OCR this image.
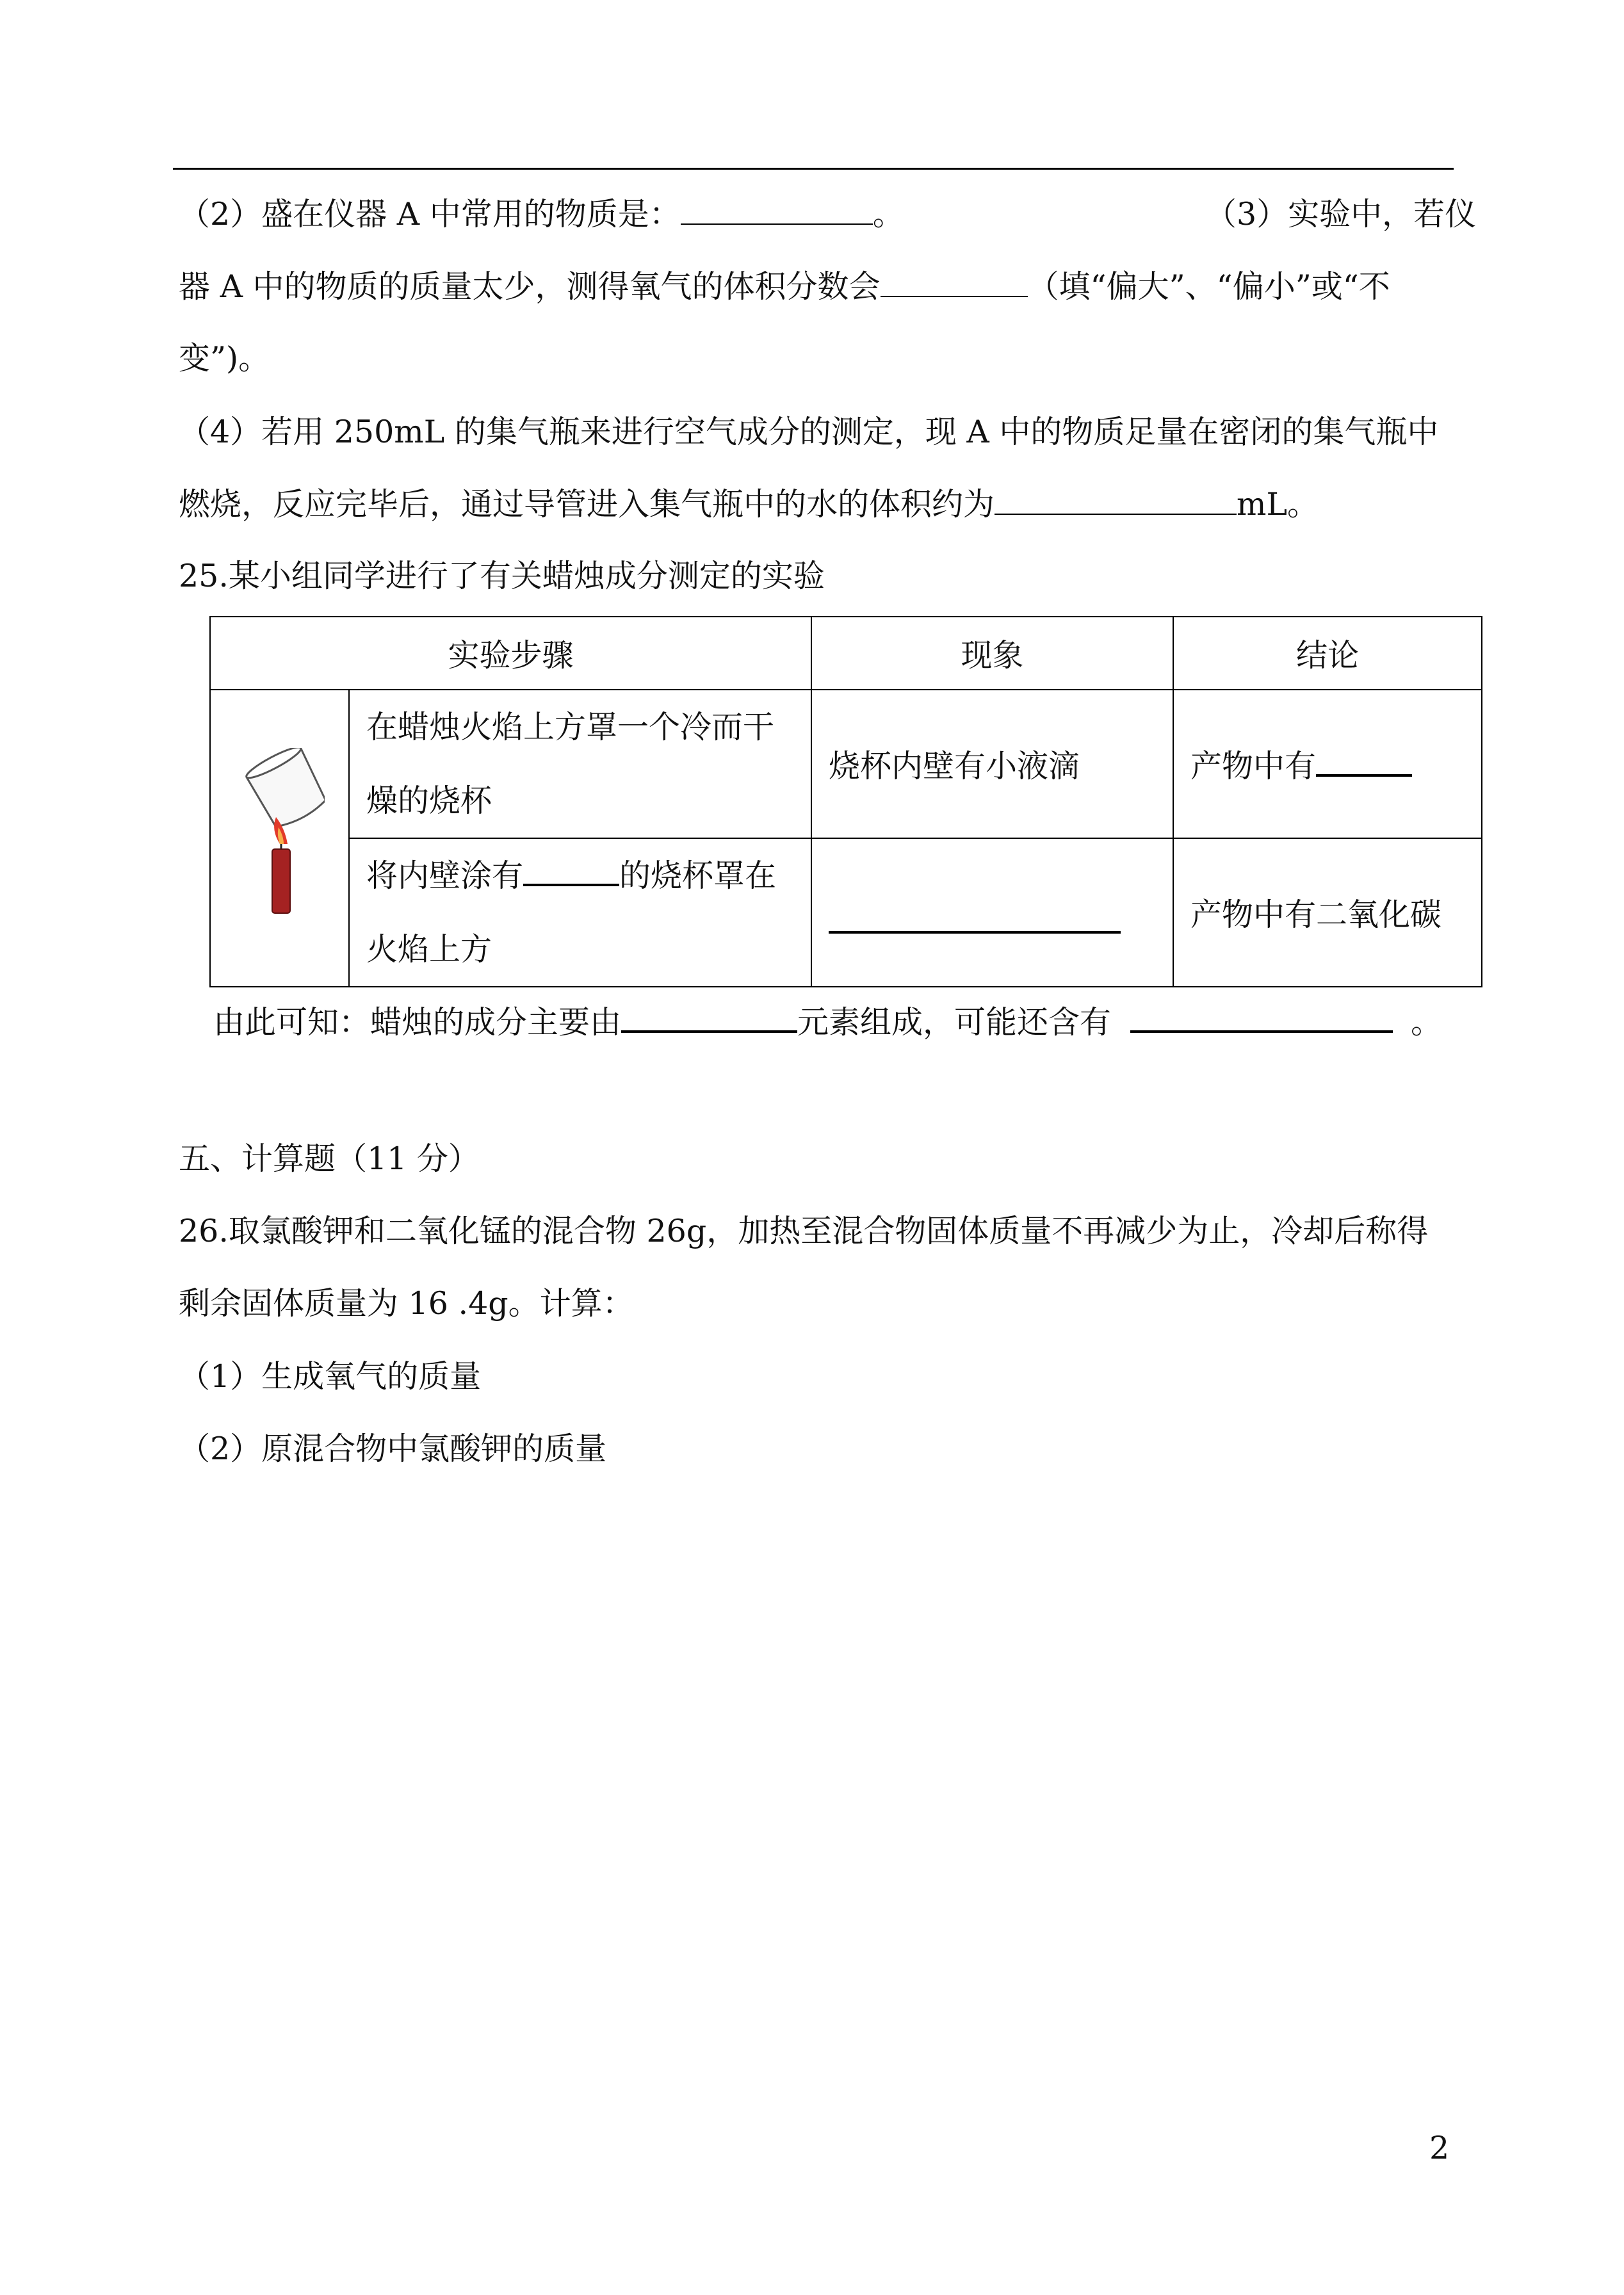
（2）盛在仪器 A 中常用的物质是：	。	（3）实验中，若仪
器 A 中的物质的质量太少，测得氧气的体积分数会	（填“偏大”、“偏小”或“不
变”)。
（4）若用 250mL 的集气瓶来进行空气成分的测定，现 A 中的物质足量在密闭的集气瓶中
燃烧，反应完毕后，通过导管进入集气瓶中的水的体积约为	mL。
25.某小组同学进行了有关蜡烛成分测定的实验
实验步骤		现象	结论
	在蜡烛火焰上方罩一个冷而干燥的烧杯	烧杯内壁有小液滴	产物中有
	将内壁涂有 的烧杯罩在火焰上方		产物中有二氧化碳
由此可知：蜡烛的成分主要由	元素组成，可能还含有	。
五、计算题（11 分）
26.取氯酸钾和二氧化锰的混合物 26g，加热至混合物固体质量不再减少为止，冷却后称得
剩余固体质量为 16 .4g。计算：
（1）生成氧气的质量
（2）原混合物中氯酸钾的质量
2
